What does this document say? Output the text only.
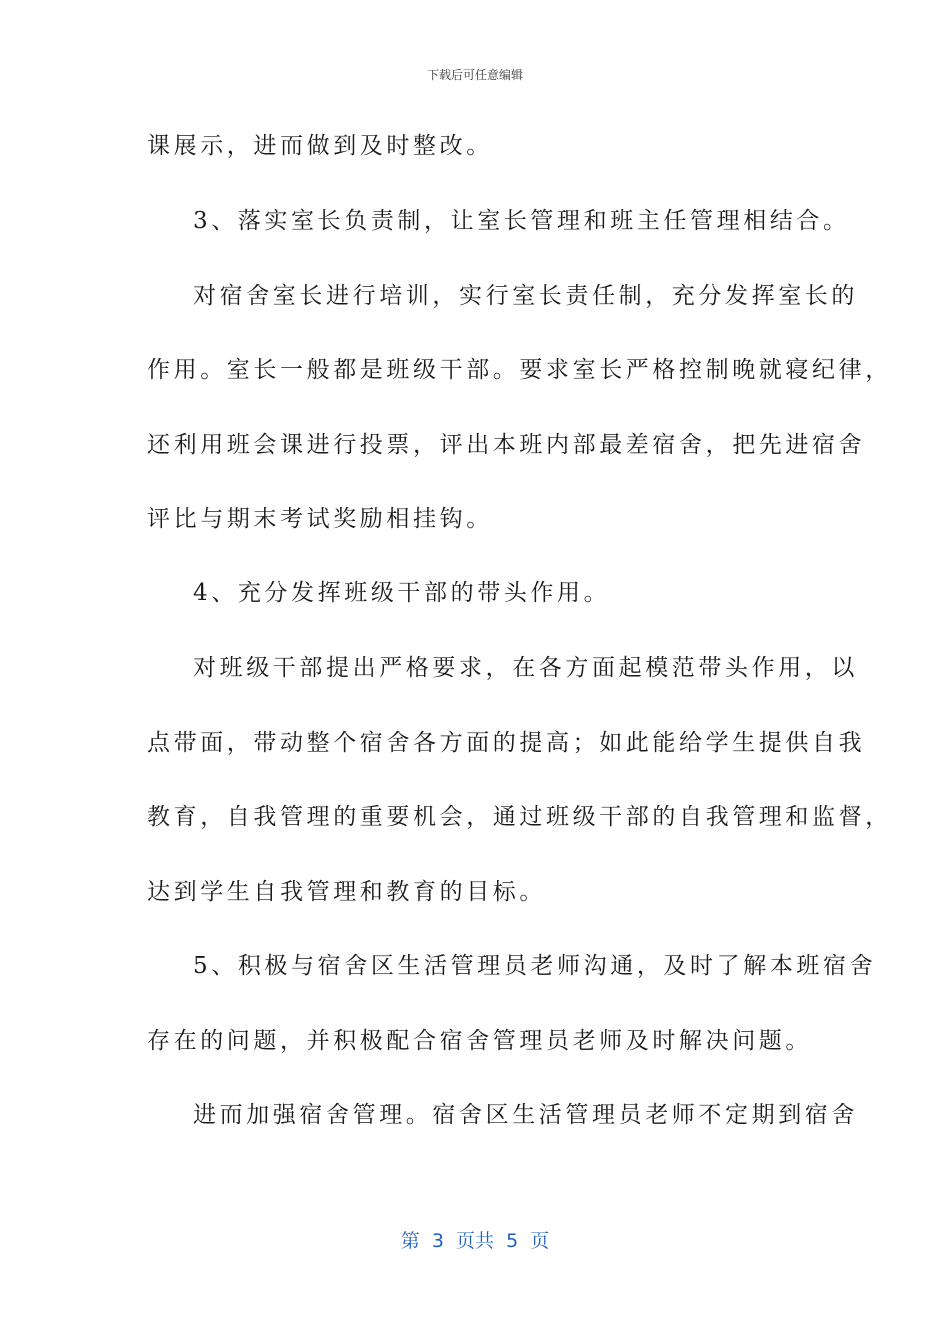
下载后可任意编辑
课展示，进而做到及时整改。
3、落实室长负责制，让室长管理和班主任管理相结合。
对宿舍室长进行培训，实行室长责任制，充分发挥室长的
作用。室长一般都是班级干部。要求室长严格控制晚就寝纪律，
还利用班会课进行投票，评出本班内部最差宿舍，把先进宿舍
评比与期末考试奖励相挂钩。
4、充分发挥班级干部的带头作用。
对班级干部提出严格要求，在各方面起模范带头作用，以
点带面，带动整个宿舍各方面的提高；如此能给学生提供自我
教育，自我管理的重要机会，通过班级干部的自我管理和监督，
达到学生自我管理和教育的目标。
5、积极与宿舍区生活管理员老师沟通，及时了解本班宿舍
存在的问题，并积极配合宿舍管理员老师及时解决问题。
进而加强宿舍管理。宿舍区生活管理员老师不定期到宿舍
第  3  页共  5  页
